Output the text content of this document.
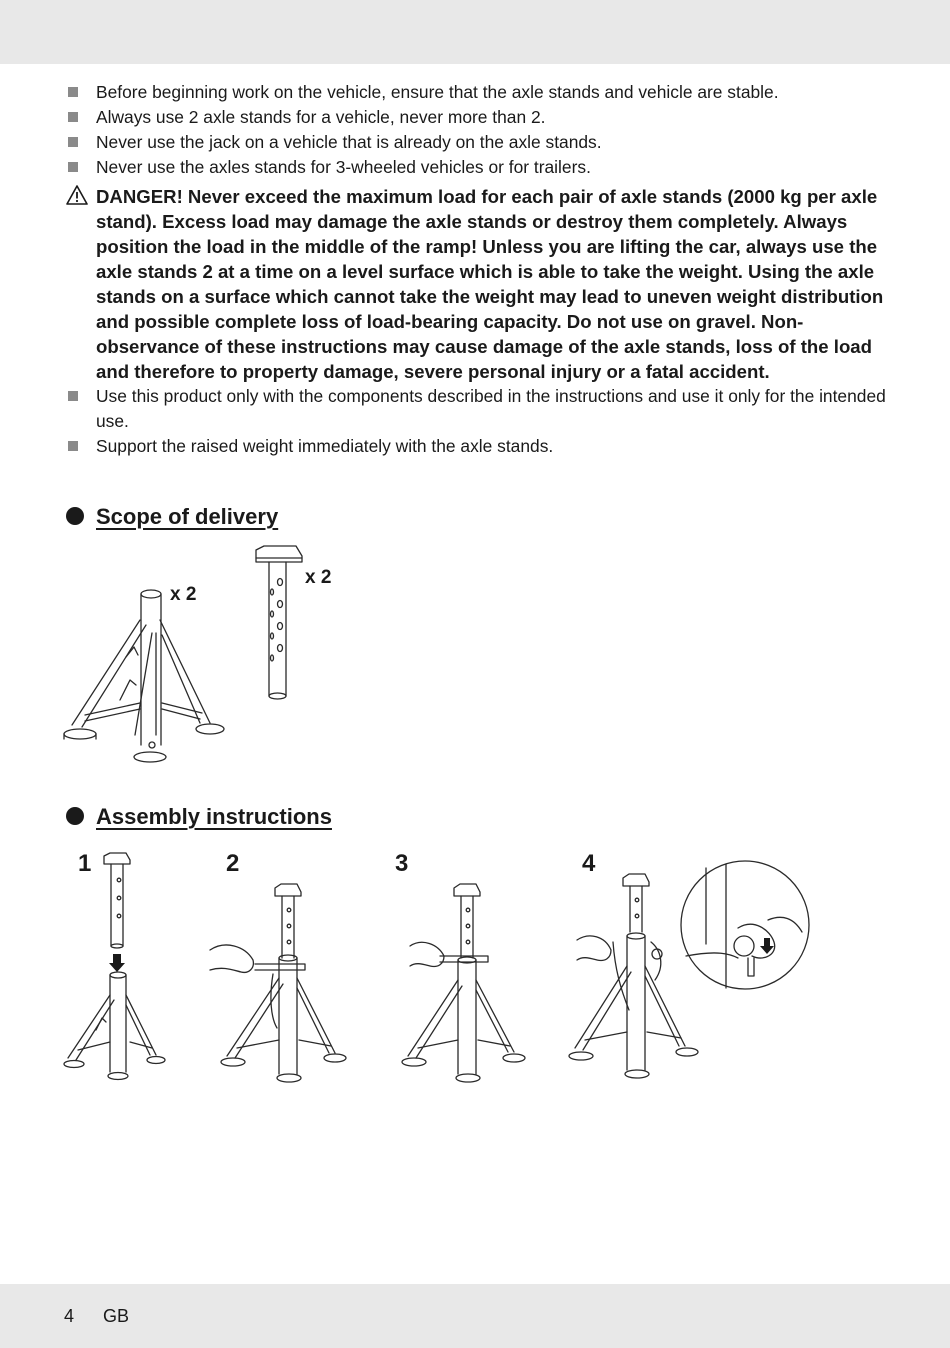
Before beginning work on the vehicle, ensure that the axle stands and vehicle are stable.
Always use 2 axle stands for a vehicle, never more than 2.
Never use the jack on a vehicle that is already on the axle stands.
Never use the axles stands for 3-wheeled vehicles or for trailers.
DANGER! Never exceed the maximum load for each pair of axle stands (2000 kg per axle stand). Excess load may damage the axle stands or destroy them completely. Always position the load in the middle of the ramp! Unless you are lifting the car, always use the axle stands 2 at a time on a level surface which is able to take the weight. Using the axle stands on a surface which cannot take the weight may lead to uneven weight distribution and possible complete loss of load-bearing capacity. Do not use on gravel. Non-observance of these instructions may cause damage of the axle stands, loss of the load and therefore to property damage, severe personal injury or a fatal accident.
Use this product only with the components described in the instructions and use it only for the intended use.
Support the raised weight immediately with the axle stands.
Scope of delivery
x 2
x 2
Assembly instructions
1	2	3	4
4 GB
